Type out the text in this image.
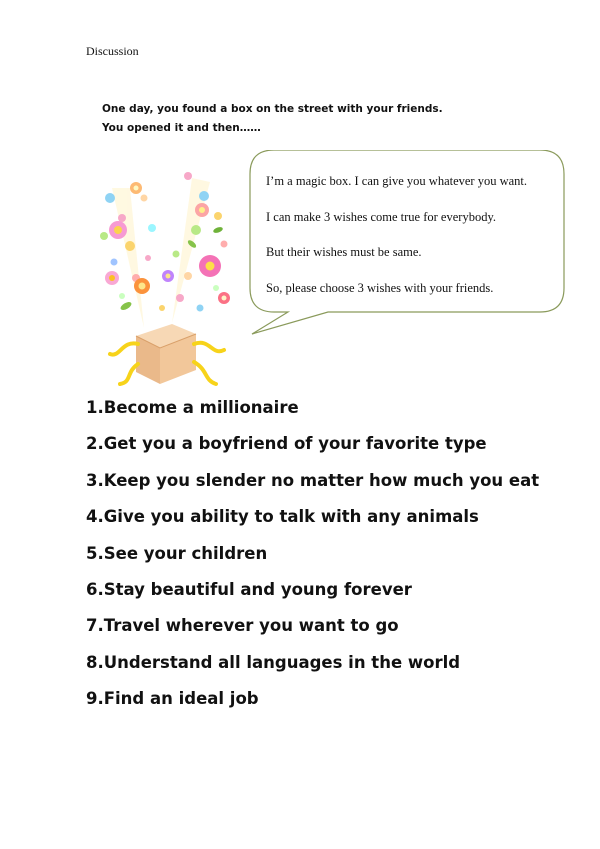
Discussion
One day, you found a box on the street with your friends.
You opened it and then……

I’m a magic box. I can give you whatever you want.

I can make 3 wishes come true for everybody.

But their wishes must be same.

So, please choose 3 wishes with your friends.

1.Become a millionaire
2.Get you a boyfriend of your favorite type
3.Keep you slender no matter how much you eat
4.Give you ability to talk with any animals
5.See your children
6.Stay beautiful and young forever
7.Travel wherever you want to go
8.Understand all languages in the world
9.Find an ideal job
